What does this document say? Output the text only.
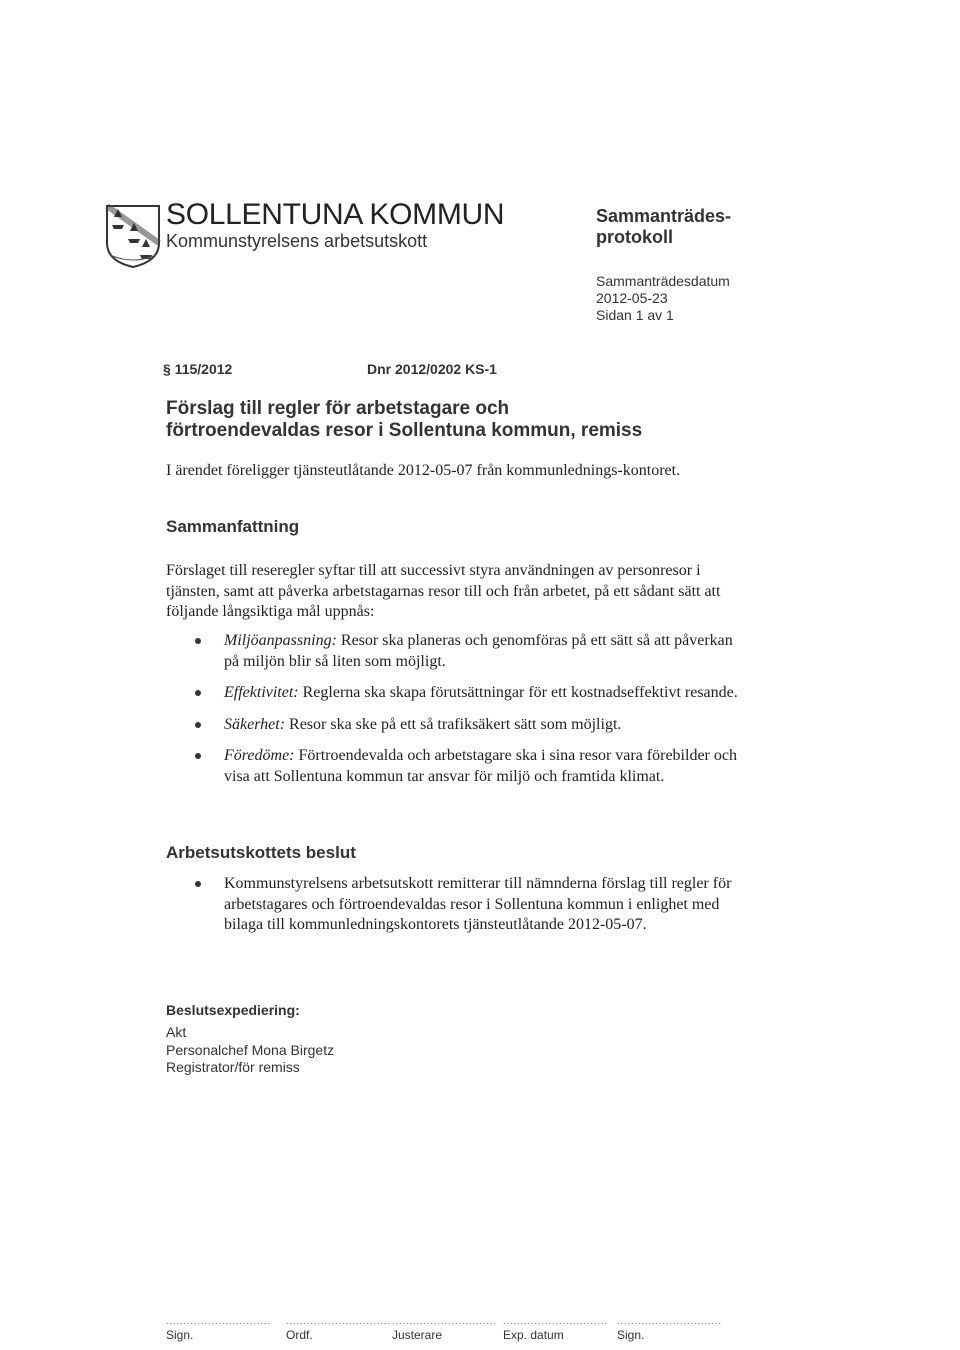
SOLLENTUNA KOMMUN
Kommunstyrelsens arbetsutskott
Sammanträdes-
protokoll
Sammanträdesdatum
2012-05-23
Sidan 1 av 1
§ 115/2012	Dnr 2012/0202 KS-1
Förslag till regler för arbetstagare och
förtroendevaldas resor i Sollentuna kommun, remiss
I ärendet föreligger tjänsteutlåtande 2012-05-07 från kommunlednings-kontoret.
Sammanfattning
Förslaget till reseregler syftar till att successivt styra användningen av personresor i tjänsten, samt att påverka arbetstagarnas resor till och från arbetet, på ett sådant sätt att följande långsiktiga mål uppnås:
Miljöanpassning: Resor ska planeras och genomföras på ett sätt så att påverkan på miljön blir så liten som möjligt.
Effektivitet: Reglerna ska skapa förutsättningar för ett kostnadseffektivt resande.
Säkerhet: Resor ska ske på ett så trafiksäkert sätt som möjligt.
Föredöme: Förtroendevalda och arbetstagare ska i sina resor vara förebilder och visa att Sollentuna kommun tar ansvar för miljö och framtida klimat.
Arbetsutskottets beslut
Kommunstyrelsens arbetsutskott remitterar till nämnderna förslag till regler för arbetstagares och förtroendevaldas resor i Sollentuna kommun i enlighet med bilaga till kommunledningskontorets tjänsteutlåtande 2012-05-07.
Beslutsexpediering:
Akt
Personalchef Mona Birgetz
Registrator/för remiss
..............................
Sign.
..............................
Ordf.
..............................
Justerare
..............................
Exp. datum
..............................
Sign.
